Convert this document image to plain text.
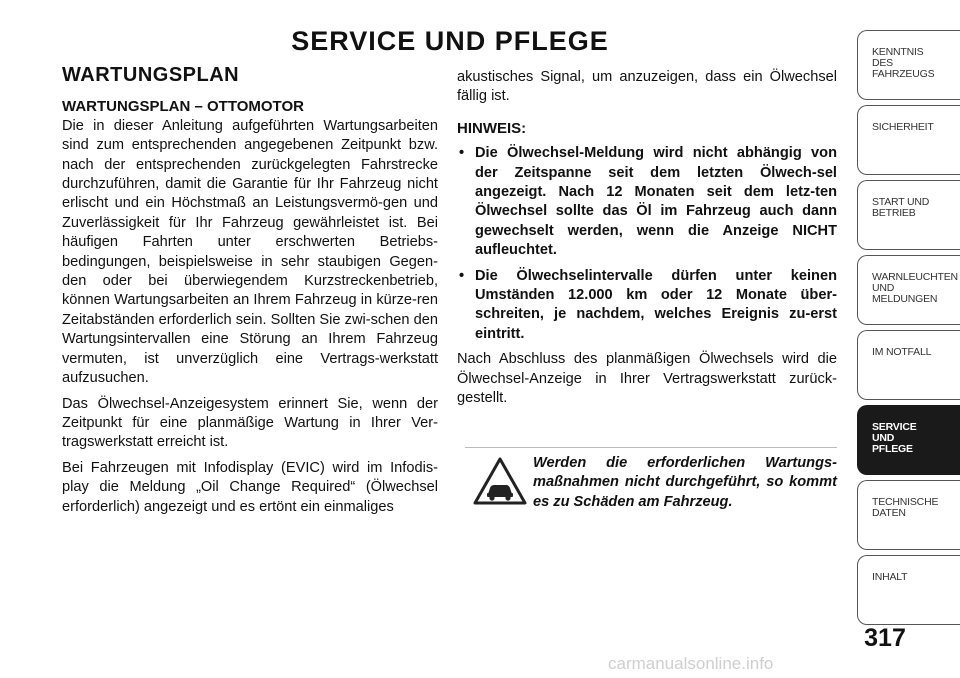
SERVICE UND PFLEGE
WARTUNGSPLAN
WARTUNGSPLAN – OTTOMOTOR

Die in dieser Anleitung aufgeführten Wartungsarbeiten sind zum entsprechenden angegebenen Zeitpunkt bzw. nach der entsprechenden zurückgelegten Fahrstrecke durchzuführen, damit die Garantie für Ihr Fahrzeug nicht erlischt und ein Höchstmaß an Leistungsvermö-gen und Zuverlässigkeit für Ihr Fahrzeug gewährleistet ist. Bei häufigen Fahrten unter erschwerten Betriebs-bedingungen, beispielsweise in sehr staubigen Gegen-den oder bei überwiegendem Kurzstreckenbetrieb, können Wartungsarbeiten an Ihrem Fahrzeug in kürze-ren Zeitabständen erforderlich sein. Sollten Sie zwi-schen den Wartungsintervallen eine Störung an Ihrem Fahrzeug vermuten, ist unverzüglich eine Vertrags-werkstatt aufzusuchen.

Das Ölwechsel-Anzeigesystem erinnert Sie, wenn der Zeitpunkt für eine planmäßige Wartung in Ihrer Ver-tragswerkstatt erreicht ist.

Bei Fahrzeugen mit Infodisplay (EVIC) wird im Infodis-play die Meldung „Oil Change Required“ (Ölwechsel erforderlich) angezeigt und es ertönt ein einmaliges

akustisches Signal, um anzuzeigen, dass ein Ölwechsel fällig ist.

HINWEIS:
• Die Ölwechsel-Meldung wird nicht abhängig von der Zeitspanne seit dem letzten Ölwech-sel angezeigt. Nach 12 Monaten seit dem letz-ten Ölwechsel sollte das Öl im Fahrzeug auch dann gewechselt werden, wenn die Anzeige NICHT aufleuchtet.
• Die Ölwechselintervalle dürfen unter keinen Umständen 12.000 km oder 12 Monate über-schreiten, je nachdem, welches Ereignis zu-erst eintritt.

Nach Abschluss des planmäßigen Ölwechsels wird die Ölwechsel-Anzeige in Ihrer Vertragswerkstatt zurück-gestellt.

Werden die erforderlichen Wartungs-maßnahmen nicht durchgeführt, so kommt es zu Schäden am Fahrzeug.
KENNTNIS
DES
FAHRZEUGS
SICHERHEIT
START UND
BETRIEB
WARNLEUCHTEN
UND
MELDUNGEN
IM NOTFALL
SERVICE
UND
PFLEGE
TECHNISCHE
DATEN
INHALT

317

carmanualsonline.info
